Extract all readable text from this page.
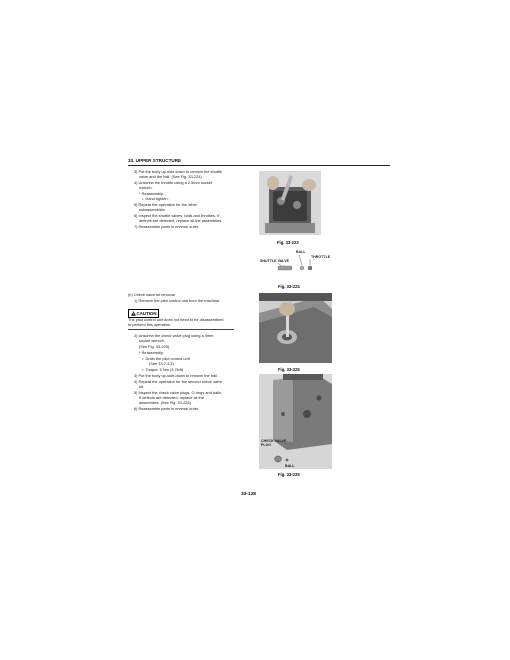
33. UPPER STRUCTURE
3) Put the body up-side down to remove the shuttle
valve and the ball. (See Fig. 33-224)
4) Unscrew the throttle using a 2.5mm socket
wrench.
* Reassembly:
•  Hand tighten.
5) Repeat the operation for the other
subassemblies.
6) Inspect the shuttle valves, balls and throttles. If
defects are detected, replace all the assemblies.
7) Reassemble parts in reverse order.
Fig. 33-223
BALL
THROTTLE
SHUTTLE VALVE
Fig. 33-224
(h) Check valve kit removal
1) Remove the pilot control unit from the machine.
CAUTION
The pilot control unit does not need to be disassembled
to perform this operation.
2) Unscrew the check valve plug using a 4mm
socket wrench.
(See Fig. 33-225)
* Reassembly:
•  Drain the pilot control unit
(See 33.2.4.3)
•  Torque: 5 Nm (3.7lbft)
3) Put the body up-side-down to remove the ball.
4) Repeat the operation for the second check valve
kit.
5) Inspect the check valve plugs, O-rings and balls.
If defects are detected, replace all the
assemblies. (See Fig. 33-226)
6) Reassemble parts in reverse order.
Fig. 33-225
CHECK VALVE
PLUG
BALL
Fig. 33-226
33-128
